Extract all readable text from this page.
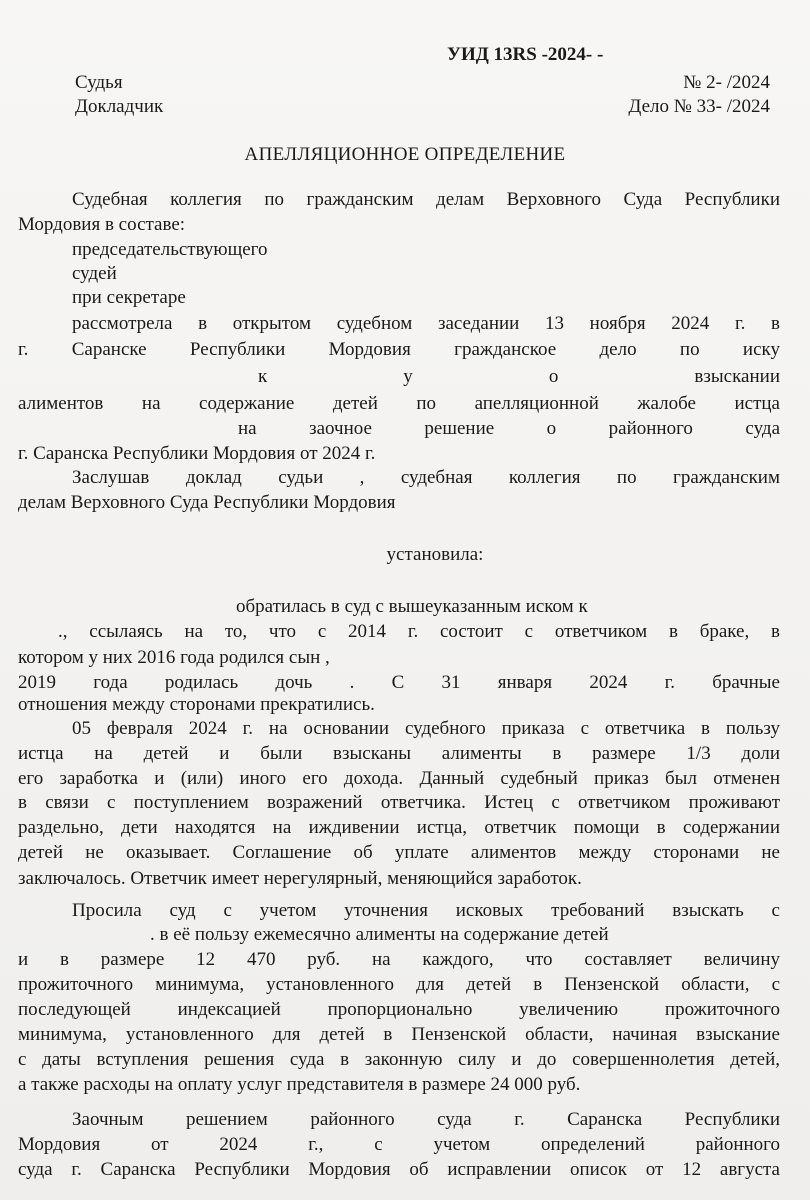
УИД 13RS -2024- -
Судья	№ 2- /2024
Докладчик	Дело № 33- /2024
АПЕЛЛЯЦИОННОЕ ОПРЕДЕЛЕНИЕ
Судебная коллегия по гражданским делам Верховного Суда Республики
Мордовия в составе:
председательствующего
судей
при секретаре
рассмотрела в открытом судебном заседании 13 ноября 2024 г. в
г. Саранске Республики Мордовия гражданское дело по иску
к у о взыскании
алиментов на содержание детей по апелляционной жалобе истца
на заочное решение о районного суда
г. Саранска Республики Мордовия от 2024 г.
Заслушав доклад судьи , судебная коллегия по гражданским
делам Верховного Суда Республики Мордовия
установила:
обратилась в суд с вышеуказанным иском к
., ссылаясь на то, что с 2014 г. состоит с ответчиком в браке, в
котором у них 2016 года родился сын ,
2019 года родилась дочь . С 31 января 2024 г. брачные
отношения между сторонами прекратились.
05 февраля 2024 г. на основании судебного приказа с ответчика в пользу
истца на детей и были взысканы алименты в размере 1/3 доли
его заработка и (или) иного его дохода. Данный судебный приказ был отменен
в связи с поступлением возражений ответчика. Истец с ответчиком проживают
раздельно, дети находятся на иждивении истца, ответчик помощи в содержании
детей не оказывает. Соглашение об уплате алиментов между сторонами не
заключалось. Ответчик имеет нерегулярный, меняющийся заработок.
Просила суд с учетом уточнения исковых требований взыскать с
. в её пользу ежемесячно алименты на содержание детей
и в размере 12 470 руб. на каждого, что составляет величину
прожиточного минимума, установленного для детей в Пензенской области, с
последующей индексацией пропорционально увеличению прожиточного
минимума, установленного для детей в Пензенской области, начиная взыскание
с даты вступления решения суда в законную силу и до совершеннолетия детей,
а также расходы на оплату услуг представителя в размере 24 000 руб.
Заочным решением районного суда г. Саранска Республики
Мордовия от 2024 г., с учетом определений районного
суда г. Саранска Республики Мордовия об исправлении описок от 12 августа
